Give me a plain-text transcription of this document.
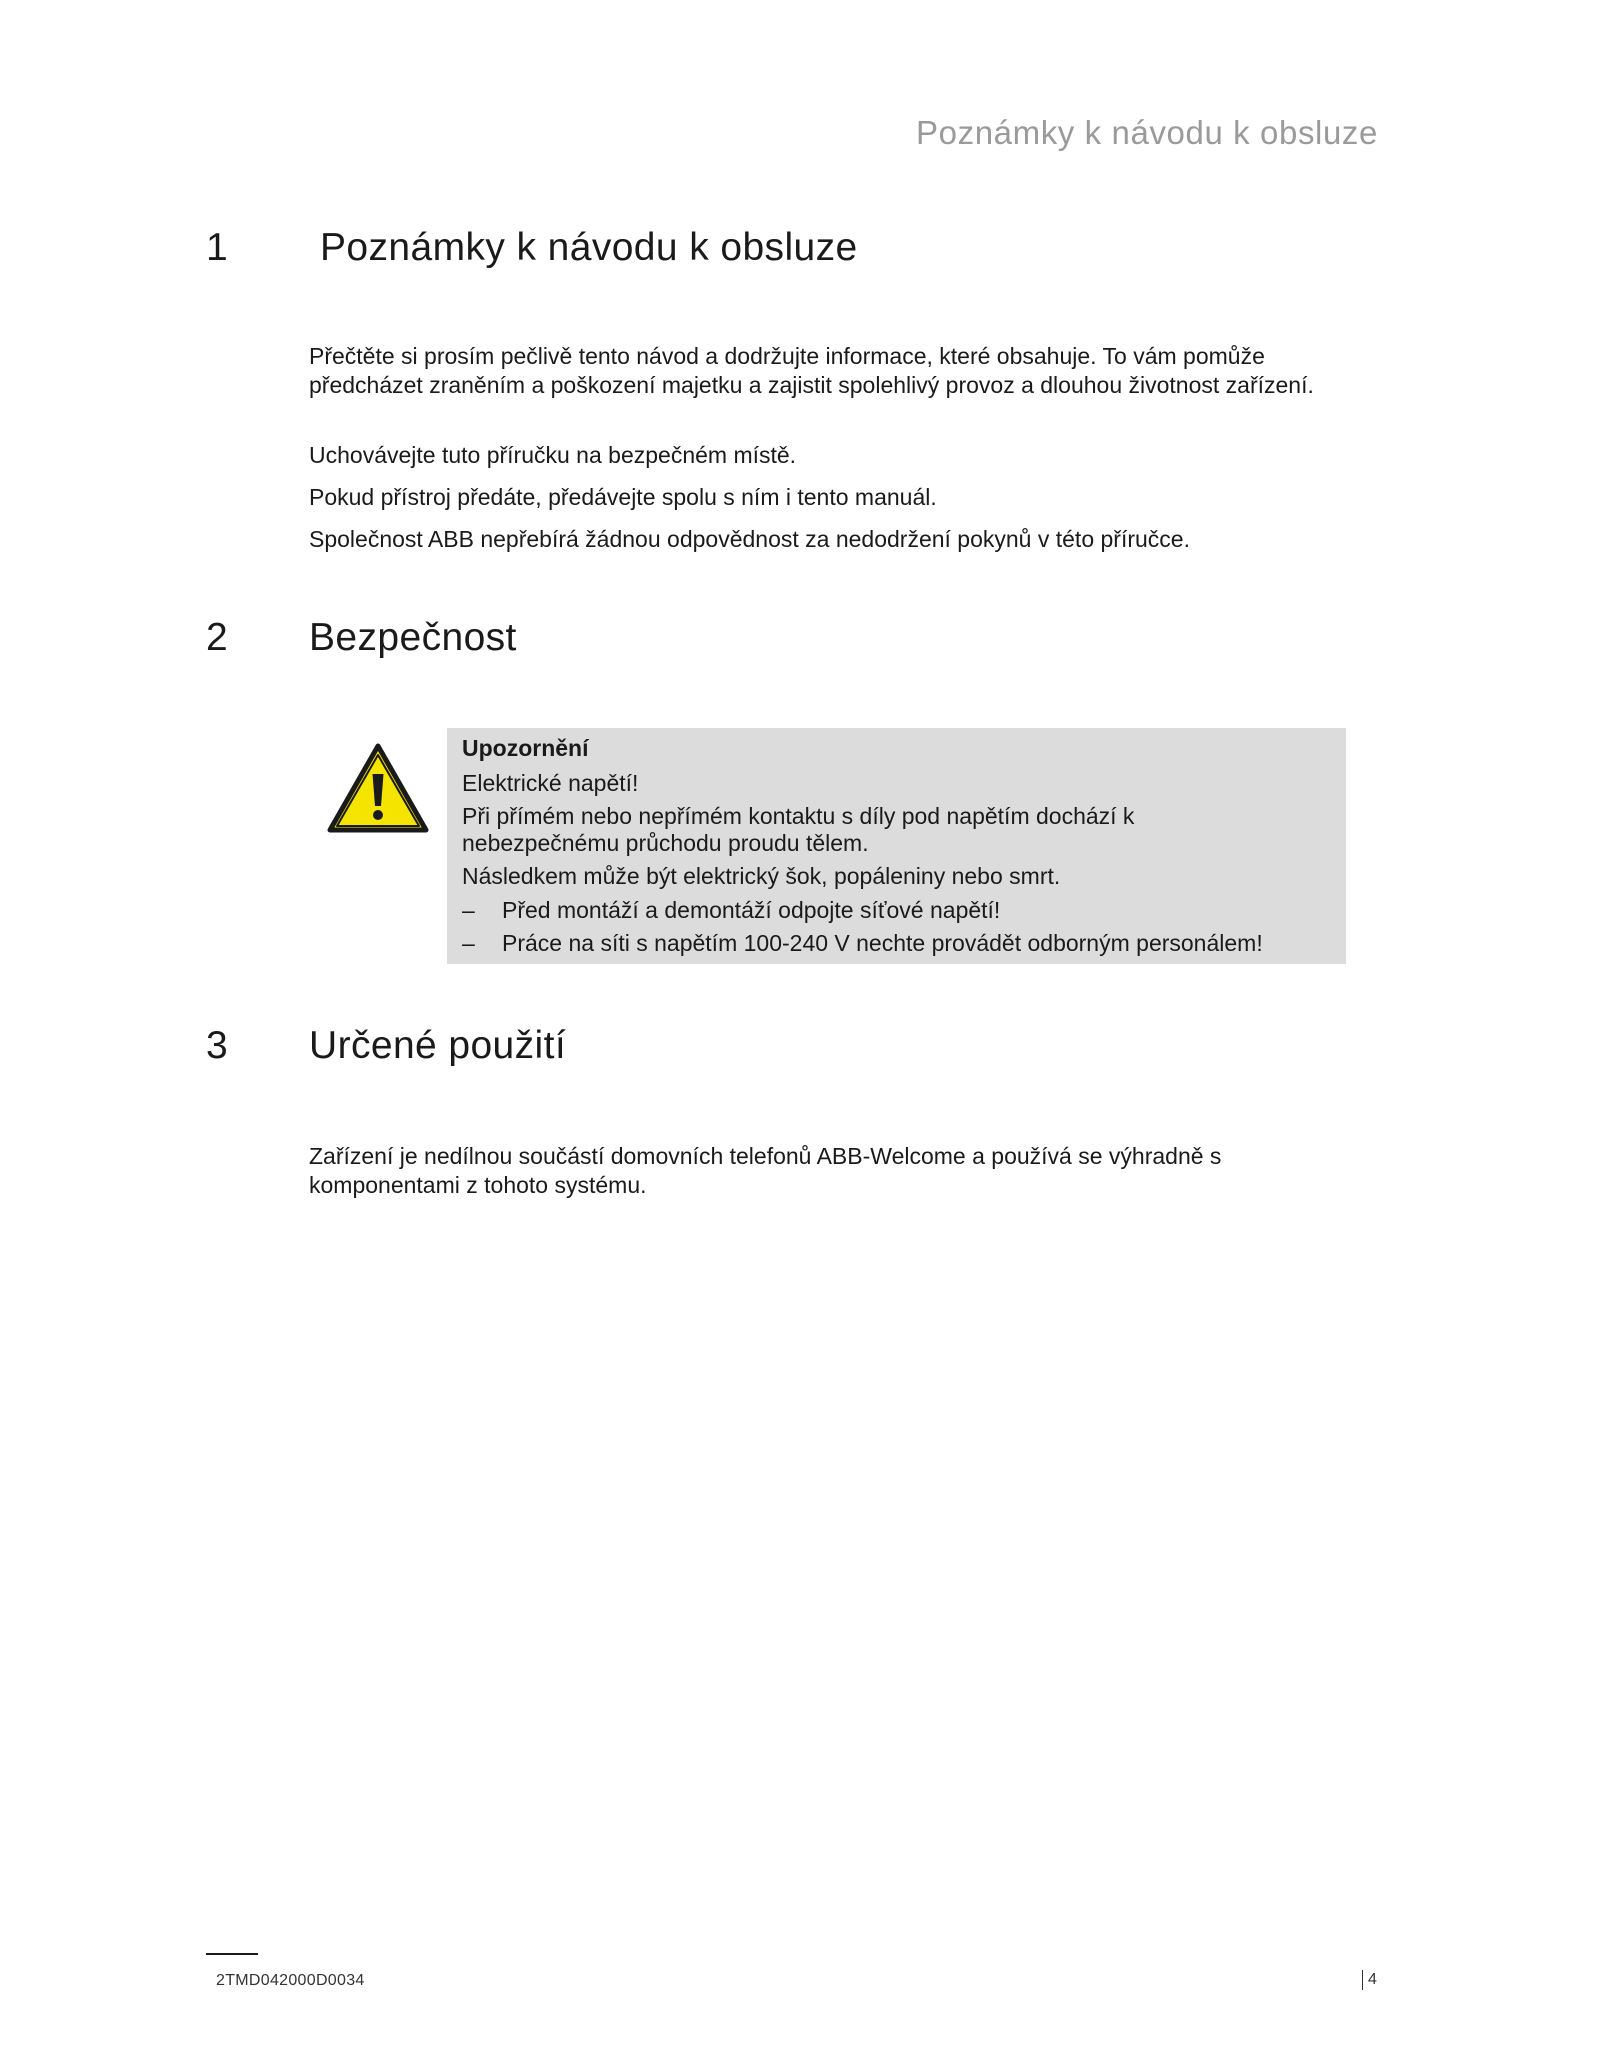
Poznámky k návodu k obsluze
1 Poznámky k návodu k obsluze

Přečtěte si prosím pečlivě tento návod a dodržujte informace, které obsahuje. To vám pomůže předcházet zraněním a poškození majetku a zajistit spolehlivý provoz a dlouhou životnost zařízení.

Uchovávejte tuto příručku na bezpečném místě.

Pokud přístroj předáte, předávejte spolu s ním i tento manuál.

Společnost ABB nepřebírá žádnou odpovědnost za nedodržení pokynů v této příručce.

2 Bezpečnost
Upozornění
Elektrické napětí!
Při přímém nebo nepřímém kontaktu s díly pod napětím dochází k
nebezpečnému průchodu proudu tělem.
Následkem může být elektrický šok, popáleniny nebo smrt.
– Před montáží a demontáží odpojte síťové napětí!
– Práce na síti s napětím 100-240 V nechte provádět odborným personálem!
3 Určené použití

Zařízení je nedílnou součástí domovních telefonů ABB-Welcome a používá se výhradně s komponentami z tohoto systému.

2TMD042000D0034	4
